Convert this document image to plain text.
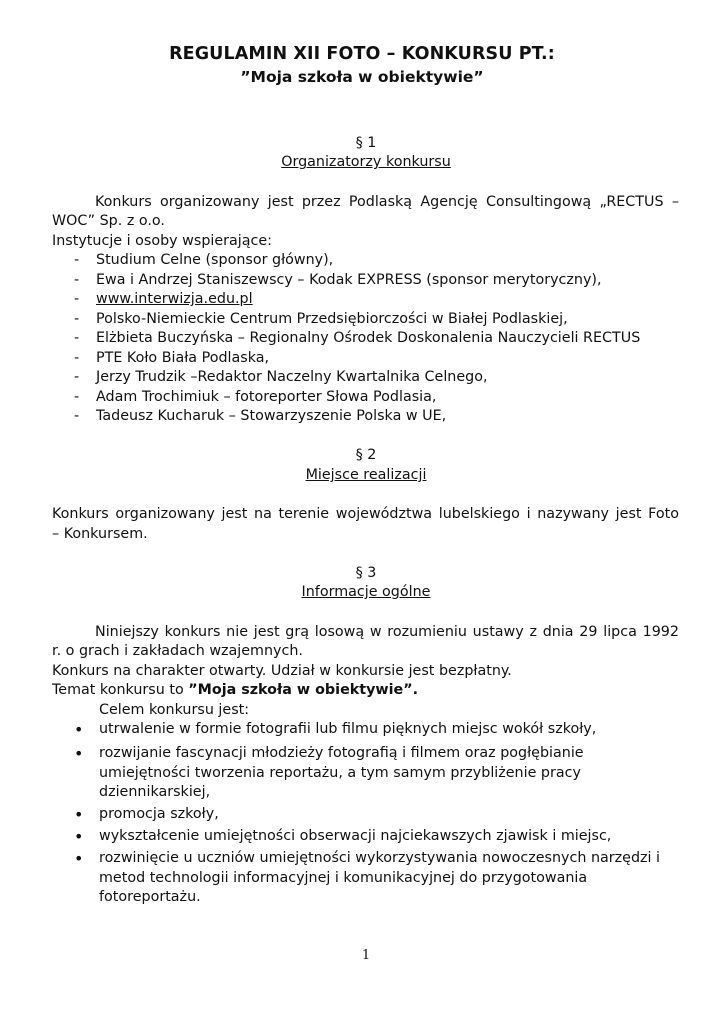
REGULAMIN XII FOTO – KONKURSU PT.:
”Moja szkoła w obiektywie”
§ 1
Organizatorzy konkursu
Konkurs organizowany jest przez Podlaską Agencję Consultingową „RECTUS –
WOC” Sp. z o.o.
Instytucje i osoby wspierające:
- Studium Celne (sponsor główny),
- Ewa i Andrzej Staniszewscy – Kodak EXPRESS (sponsor merytoryczny),
- www.interwizja.edu.pl
- Polsko-Niemieckie Centrum Przedsiębiorczości w Białej Podlaskiej,
- Elżbieta Buczyńska – Regionalny Ośrodek Doskonalenia Nauczycieli RECTUS
- PTE Koło Biała Podlaska,
- Jerzy Trudzik –Redaktor Naczelny Kwartalnika Celnego,
- Adam Trochimiuk – fotoreporter Słowa Podlasia,
- Tadeusz Kucharuk – Stowarzyszenie Polska w UE,
§ 2
Miejsce realizacji
Konkurs organizowany jest na terenie województwa lubelskiego i nazywany jest Foto
– Konkursem.
§ 3
Informacje ogólne
Niniejszy konkurs nie jest grą losową w rozumieniu ustawy z dnia 29 lipca 1992
r. o grach i zakładach wzajemnych.
Konkurs na charakter otwarty. Udział w konkursie jest bezpłatny.
Temat konkursu to ”Moja szkoła w obiektywie”.
Celem konkursu jest:
•	utrwalenie w formie fotografii lub filmu pięknych miejsc wokół szkoły,
•	rozwijanie fascynacji młodzieży fotografią i filmem oraz pogłębianie
umiejętności tworzenia reportażu, a tym samym przybliżenie pracy
dziennikarskiej,
•	promocja szkoły,
•	wykształcenie umiejętności obserwacji najciekawszych zjawisk i miejsc,
•	rozwinięcie u uczniów umiejętności wykorzystywania nowoczesnych narzędzi i
metod technologii informacyjnej i komunikacyjnej do przygotowania
fotoreportażu.
1
